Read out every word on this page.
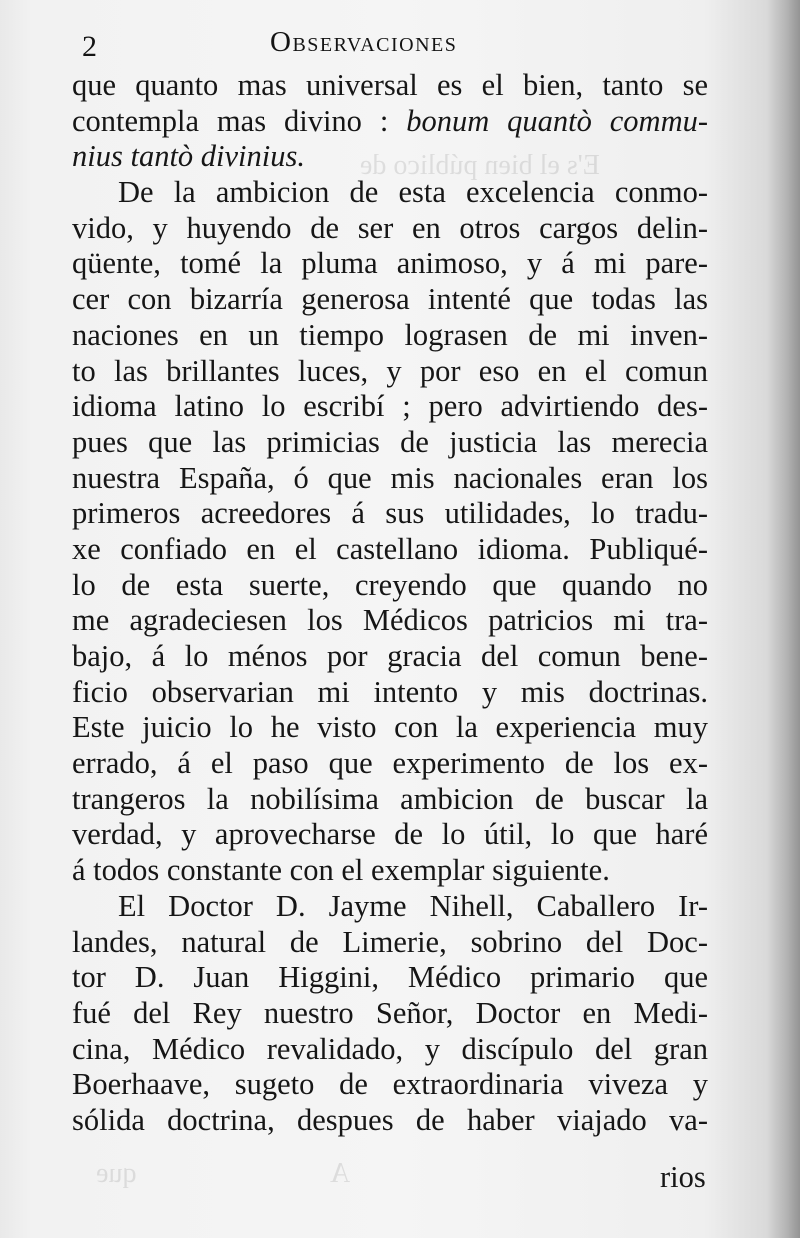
E's el bien público de
A
que
2	Observaciones
que quanto mas universal es el bien, tanto se
contempla mas divino : bonum quantò commu-
nius tantò divinius.
De la ambicion de esta excelencia conmo-
vido, y huyendo de ser en otros cargos delin-
qüente, tomé la pluma animoso, y á mi pare-
cer con bizarría generosa intenté que todas las
naciones en un tiempo lograsen de mi inven-
to las brillantes luces, y por eso en el comun
idioma latino lo escribí ; pero advirtiendo des-
pues que las primicias de justicia las merecia
nuestra España, ó que mis nacionales eran los
primeros acreedores á sus utilidades, lo tradu-
xe confiado en el castellano idioma. Publiqué-
lo de esta suerte, creyendo que quando no
me agradeciesen los Médicos patricios mi tra-
bajo, á lo ménos por gracia del comun bene-
ficio observarian mi intento y mis doctrinas.
Este juicio lo he visto con la experiencia muy
errado, á el paso que experimento de los ex-
trangeros la nobilísima ambicion de buscar la
verdad, y aprovecharse de lo útil, lo que haré
á todos constante con el exemplar siguiente.
El Doctor D. Jayme Nihell, Caballero Ir-
landes, natural de Limerie, sobrino del Doc-
tor D. Juan Higgini, Médico primario que
fué del Rey nuestro Señor, Doctor en Medi-
cina, Médico revalidado, y discípulo del gran
Boerhaave, sugeto de extraordinaria viveza y
sólida doctrina, despues de haber viajado va-
rios
